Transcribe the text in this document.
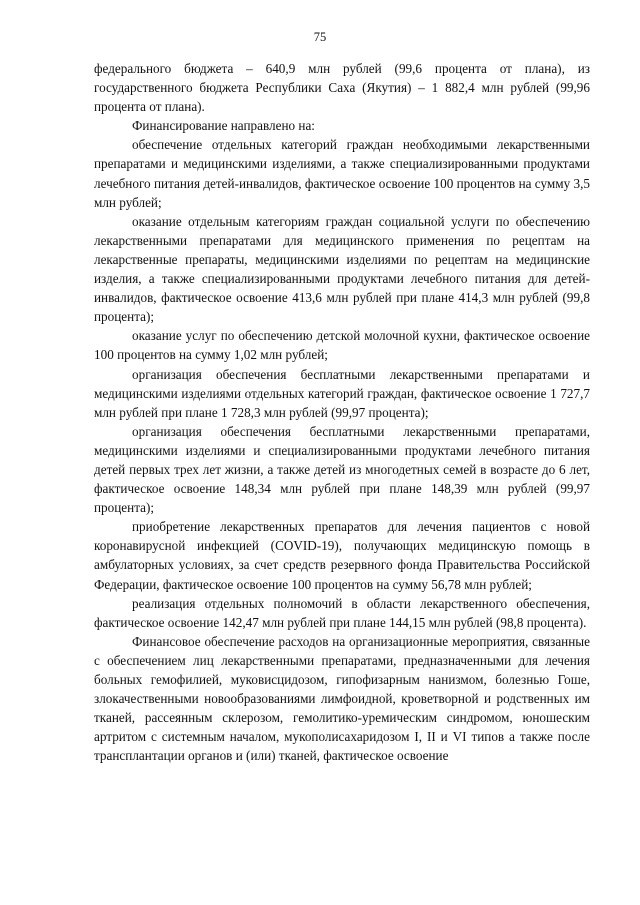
75

федерального бюджета – 640,9 млн рублей (99,6 процента от плана), из государственного бюджета Республики Саха (Якутия) – 1 882,4 млн рублей (99,96 процента от плана).

Финансирование направлено на:

обеспечение отдельных категорий граждан необходимыми лекарственными препаратами и медицинскими изделиями, а также специализированными продуктами лечебного питания детей-инвалидов, фактическое освоение 100 процентов на сумму 3,5 млн рублей;

оказание отдельным категориям граждан социальной услуги по обеспечению лекарственными препаратами для медицинского применения по рецептам на лекарственные препараты, медицинскими изделиями по рецептам на медицинские изделия, а также специализированными продуктами лечебного питания для детей-инвалидов, фактическое освоение 413,6 млн рублей при плане 414,3 млн рублей (99,8 процента);

оказание услуг по обеспечению детской молочной кухни, фактическое освоение 100 процентов на сумму 1,02 млн рублей;

организация обеспечения бесплатными лекарственными препаратами и медицинскими изделиями отдельных категорий граждан, фактическое освоение 1 727,7 млн рублей при плане 1 728,3 млн рублей (99,97 процента);

организация обеспечения бесплатными лекарственными препаратами, медицинскими изделиями и специализированными продуктами лечебного питания детей первых трех лет жизни, а также детей из многодетных семей в возрасте до 6 лет, фактическое освоение 148,34 млн рублей при плане 148,39 млн рублей (99,97 процента);

приобретение лекарственных препаратов для лечения пациентов с новой коронавирусной инфекцией (COVID-19), получающих медицинскую помощь в амбулаторных условиях, за счет средств резервного фонда Правительства Российской Федерации, фактическое освоение 100 процентов на сумму 56,78 млн рублей;

реализация отдельных полномочий в области лекарственного обеспечения, фактическое освоение 142,47 млн рублей при плане 144,15 млн рублей (98,8 процента).

Финансовое обеспечение расходов на организационные мероприятия, связанные с обеспечением лиц лекарственными препаратами, предназначенными для лечения больных гемофилией, муковисцидозом, гипофизарным нанизмом, болезнью Гоше, злокачественными новообразованиями лимфоидной, кроветворной и родственных им тканей, рассеянным склерозом, гемолитико-уремическим синдромом, юношеским артритом с системным началом, мукополисахаридозом I, II и VI типов а также после трансплантации органов и (или) тканей, фактическое освоение
